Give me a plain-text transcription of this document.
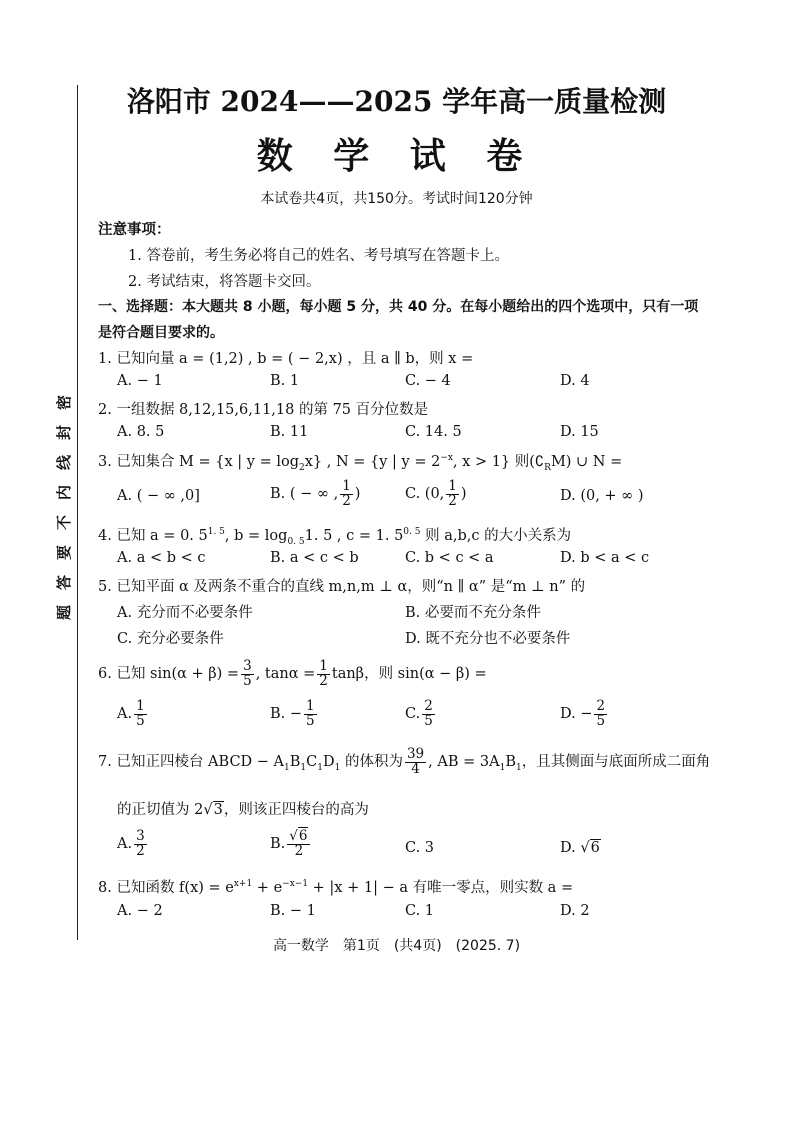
密
封
线
内
不
要
答
题
洛阳市 2024——2025 学年高一质量检测
数 学 试 卷
本试卷共4页，共150分。考试时间120分钟
注意事项：
1. 答卷前，考生务必将自己的姓名、考号填写在答题卡上。
2. 考试结束，将答题卡交回。
一、选择题：本大题共 8 小题，每小题 5 分，共 40 分。在每小题给出的四个选项中，只有一项
是符合题目要求的。
1. 已知向量 a = (1,2) , b = ( − 2,x) ，且 a ∥ b，则 x =
A. − 1	B. 1	C. − 4	D. 4
2. 一组数据 8,12,15,6,11,18 的第 75 百分位数是
A. 8. 5	B. 11	C. 14. 5	D. 15
3. 已知集合 M = {x | $y = \log_2x$} , N = {y | $y = 2^{-x}$, x > 1} 则$(∁_RM)$ ∪ N =
A. ( − ∞ ,0]	B. ( − ∞ , $\frac{1}{2}$ )	C. (0, $\frac{1}{2}$ )	D. (0, + ∞ )
4. 已知 a = 0. $5^{1. 5}$, $b = \log_{0. 5}1$. 5 , c = 1. $5^{0. 5}$ 则 a,b,c 的大小关系为
A. a < b < c	B. a < c < b	C. b < c < a	D. b < a < c
5. 已知平面 α 及两条不重合的直线 m,n,m ⊥ α，则“n ∥ α” 是“m ⊥ n” 的
A. 充分而不必要条件	B. 必要而不充分条件
C. 充分必要条件	D. 既不充分也不必要条件
6. 已知 $\sin(\alpha + \beta) = \frac{3}{5}$ , $\tan\alpha = \frac{1}{2}$ tanβ，则 sin(α − β) =
A. $\frac{1}{5}$	B. − $\frac{1}{5}$	C. $\frac{2}{5}$	D. − $\frac{2}{5}$
7. 已知正四棱台 ABCD − $A_1B_1C_1D_1$ 的体积为 $\frac{39}{4}$ , AB = $3A_1B_1$，且其侧面与底面所成二面角
的正切值为 2√3，则该正四棱台的高为
A. $\frac{3}{2}$	B. $\frac{√6}{2}$	C. 3	D. √6
8. 已知函数 $f(x) = e^{x+1} + e^{-x-1} + |x + 1| - a$ 有唯一零点，则实数 a =
A. − 2	B. − 1	C. 1	D. 2
高一数学　第1页　(共4页)　(2025. 7)
